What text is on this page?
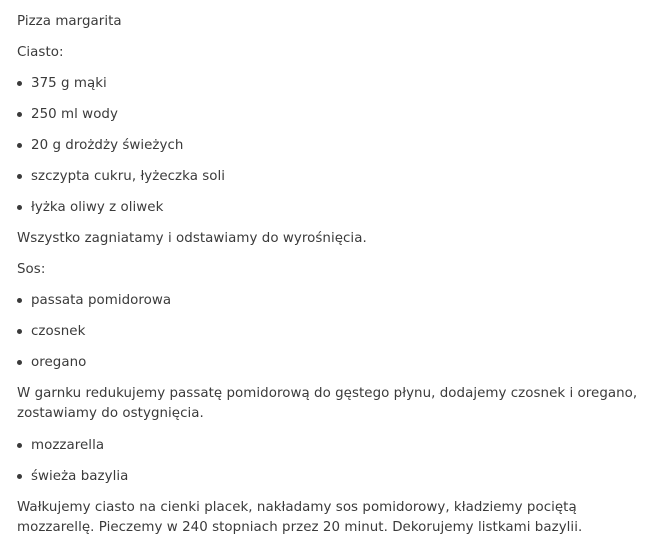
Pizza margarita

Ciasto:

375 g mąki
250 ml wody
20 g drożdży świeżych
szczypta cukru, łyżeczka soli
łyżka oliwy z oliwek

Wszystko zagniatamy i odstawiamy do wyrośnięcia.

Sos:

passata pomidorowa
czosnek
oregano

W garnku redukujemy passatę pomidorową do gęstego płynu, dodajemy czosnek i oregano,

zostawiamy do ostygnięcia.

mozzarella
świeża bazylia

Wałkujemy ciasto na cienki placek, nakładamy sos pomidorowy, kładziemy pociętą

mozzarellę. Pieczemy w 240 stopniach przez 20 minut. Dekorujemy listkami bazylii.
